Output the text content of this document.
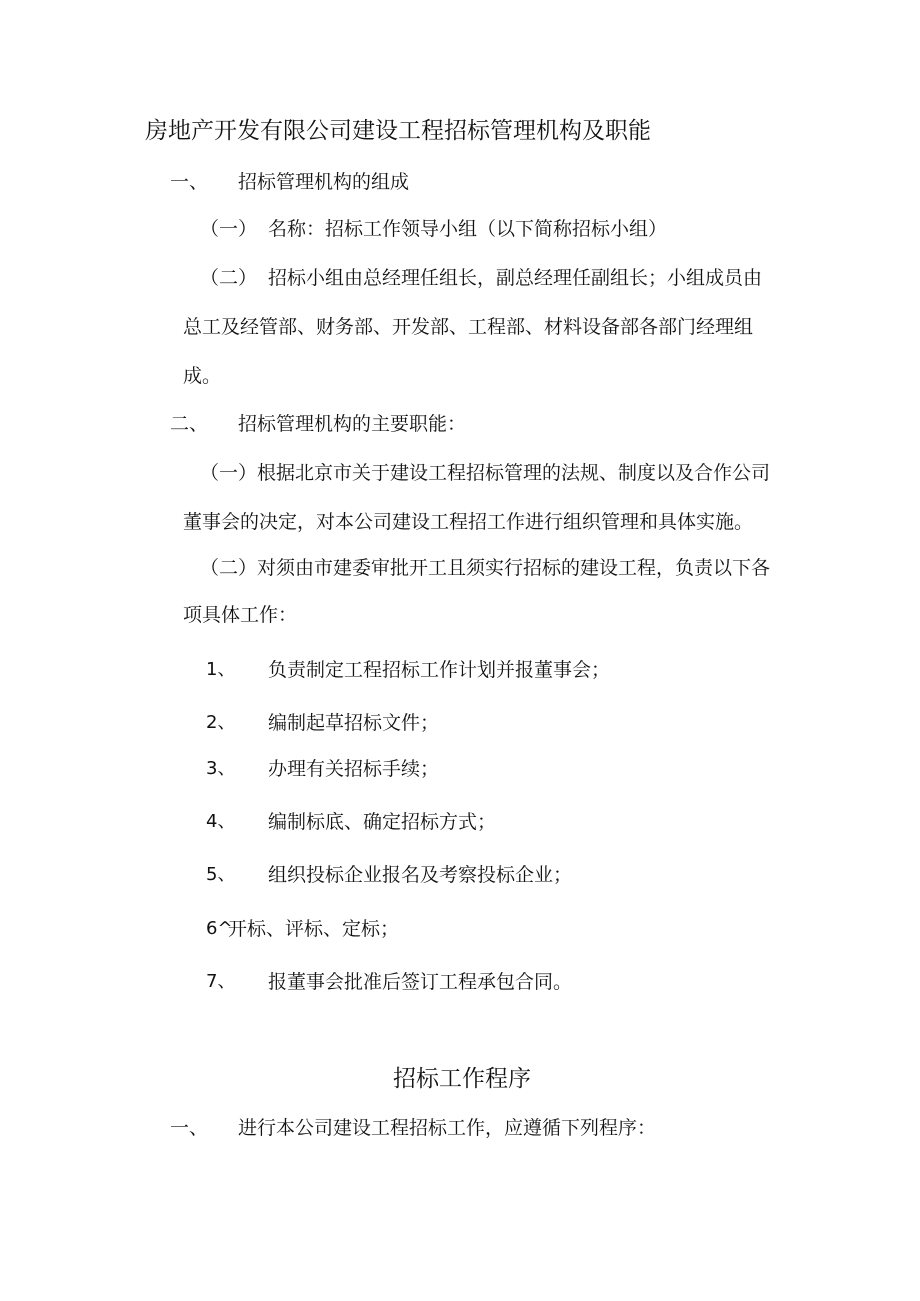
房地产开发有限公司建设工程招标管理机构及职能
一、 招标管理机构的组成
（一） 名称：招标工作领导小组（以下简称招标小组）
（二） 招标小组由总经理任组长，副总经理任副组长；小组成员由
总工及经管部、财务部、开发部、工程部、材料设备部各部门经理组
成。
二、 招标管理机构的主要职能：
（一）根据北京市关于建设工程招标管理的法规、制度以及合作公司
董事会的决定，对本公司建设工程招工作进行组织管理和具体实施。
（二）对须由市建委审批开工且须实行招标的建设工程，负责以下各
项具体工作：
1、 负责制定工程招标工作计划并报董事会；
2、 编制起草招标文件；
3、 办理有关招标手续；
4、 编制标底、确定招标方式；
5、 组织投标企业报名及考察投标企业；
6^
开标、评标、定标；
7、 报董事会批准后签订工程承包合同。
招标工作程序
一、 进行本公司建设工程招标工作，应遵循下列程序：
